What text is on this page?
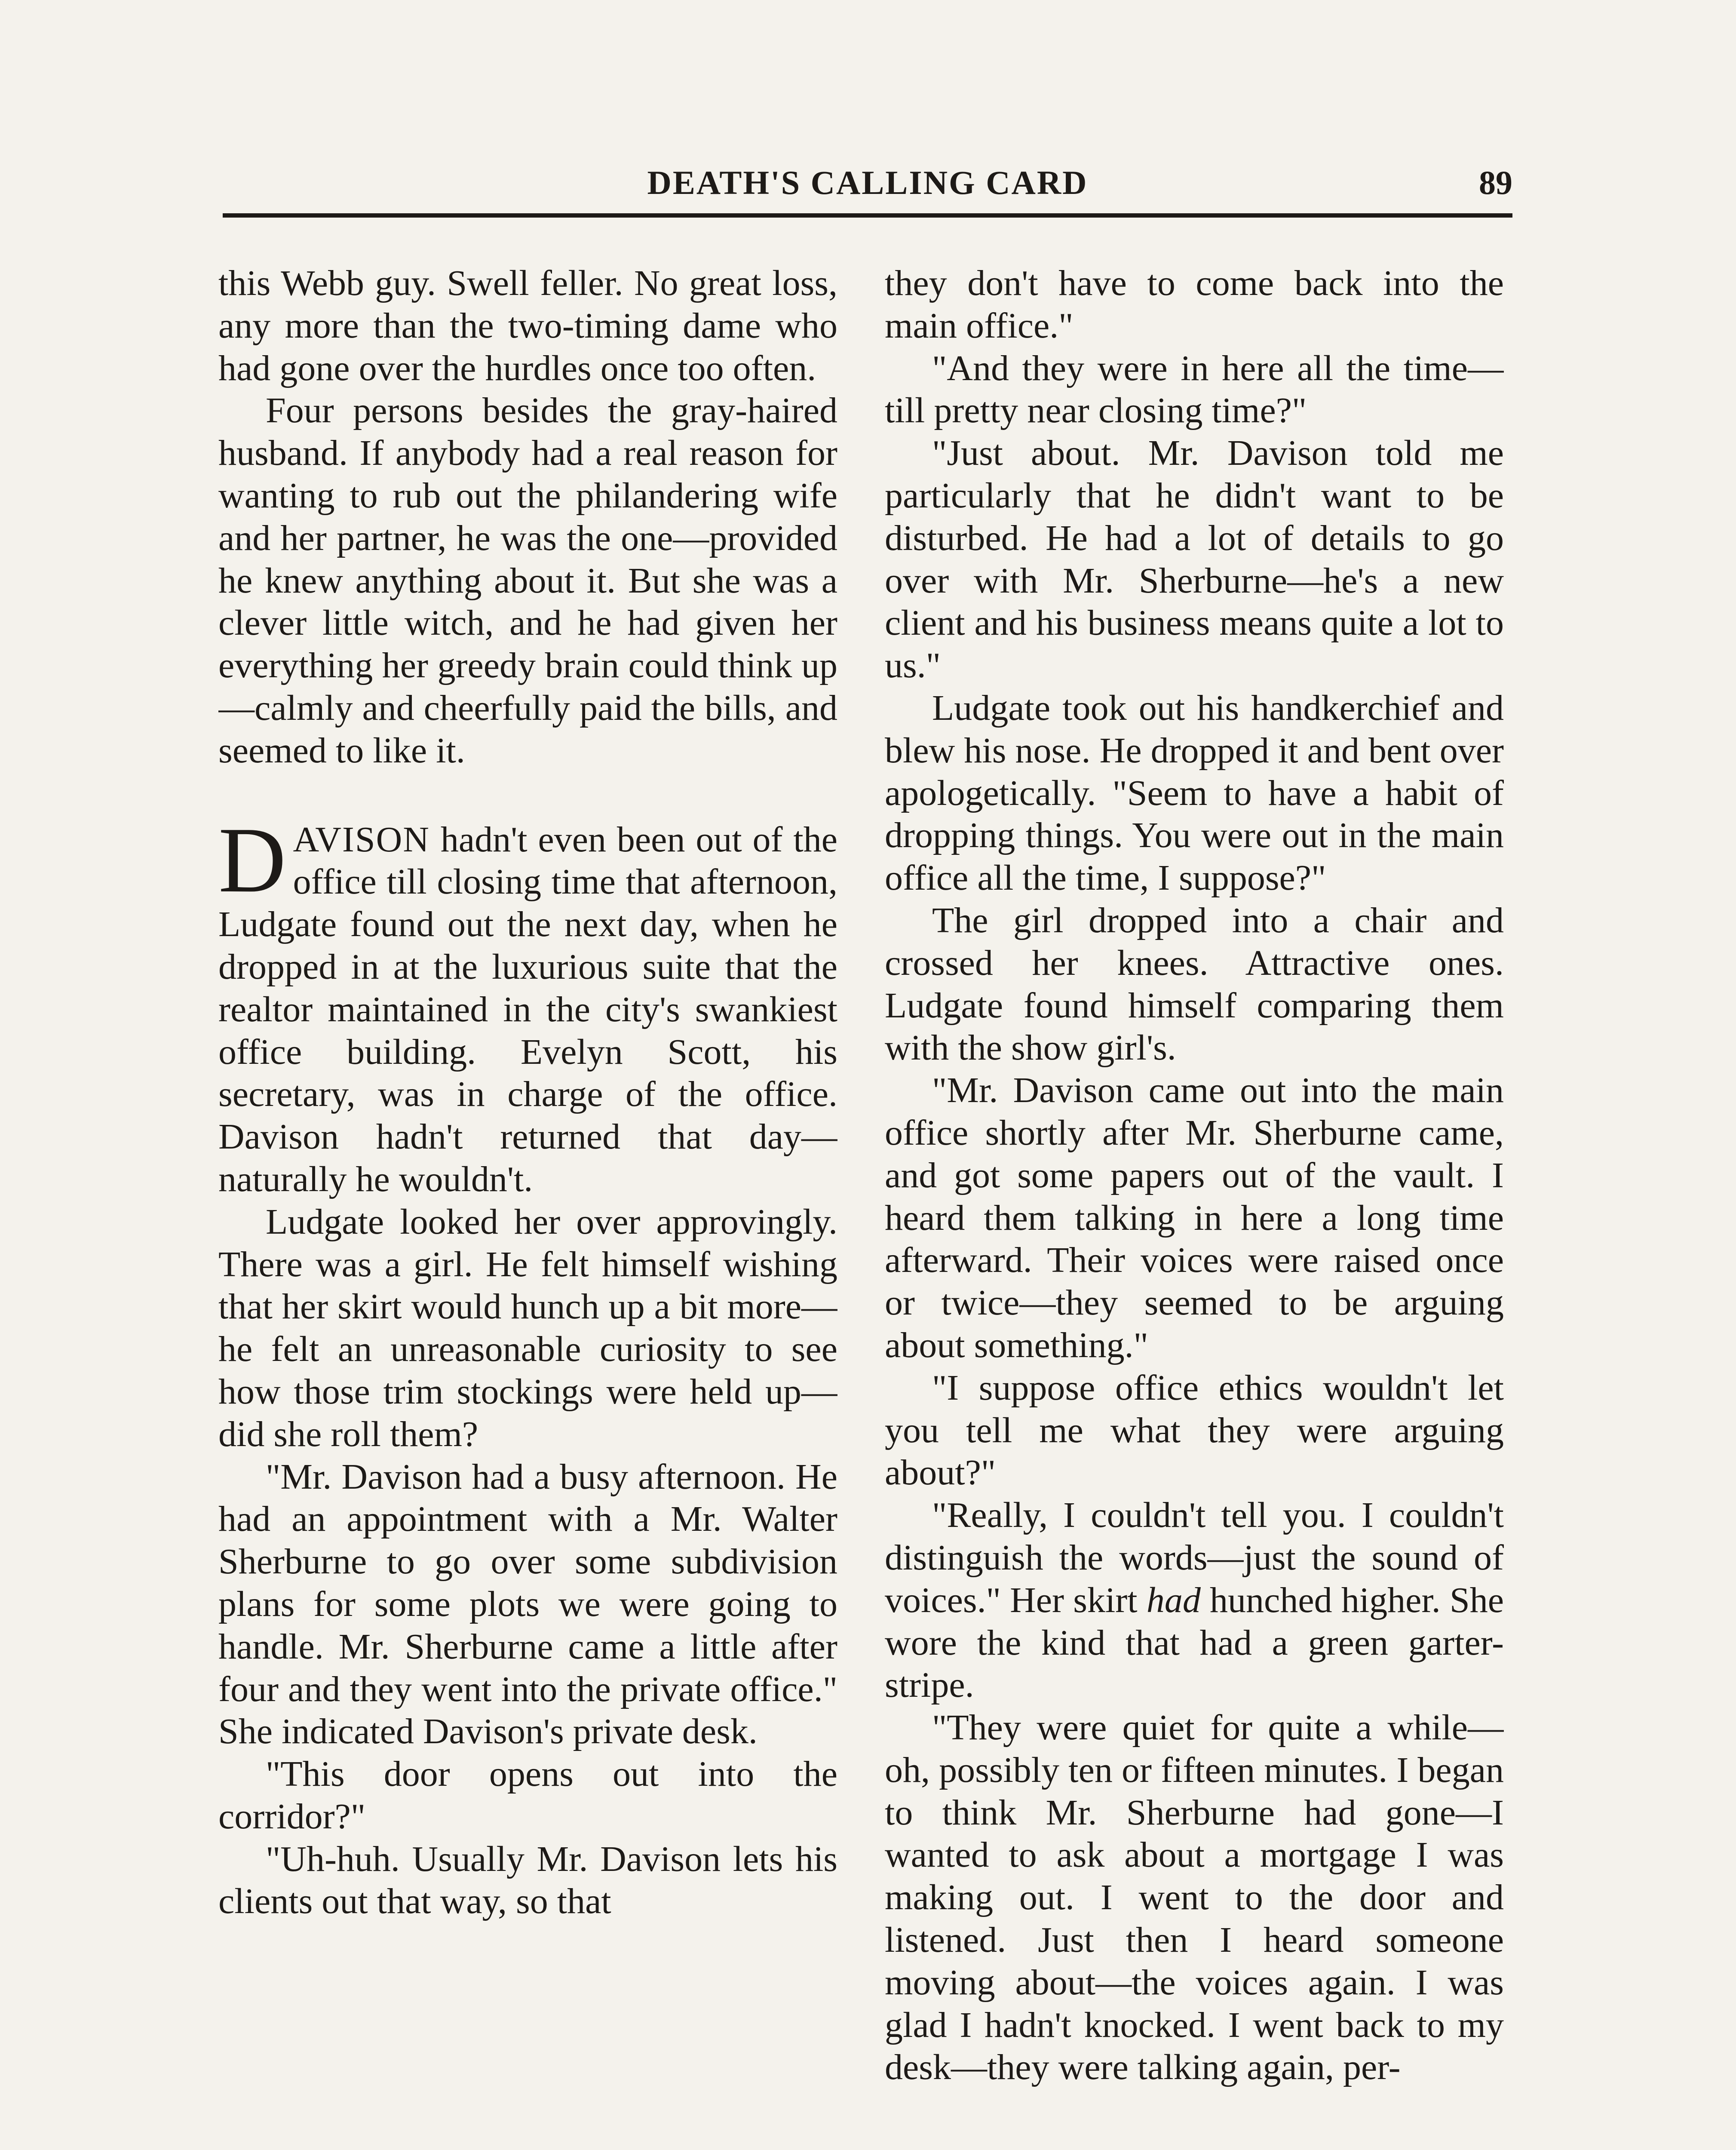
DEATH'S CALLING CARD	89

this Webb guy. Swell feller. No great loss, any more than the two-timing dame who had gone over the hurdles once too often.

Four persons besides the gray-haired husband. If anybody had a real reason for wanting to rub out the philandering wife and her partner, he was the one—provided he knew anything about it. But she was a clever little witch, and he had given her everything her greedy brain could think up—calmly and cheerfully paid the bills, and seemed to like it.

DAVISON hadn't even been out of the office till closing time that afternoon, Ludgate found out the next day, when he dropped in at the luxurious suite that the realtor maintained in the city's swankiest office building. Evelyn Scott, his secretary, was in charge of the office. Davison hadn't returned that day—naturally he wouldn't.

Ludgate looked her over approvingly. There was a girl. He felt himself wishing that her skirt would hunch up a bit more—he felt an unreasonable curiosity to see how those trim stockings were held up—did she roll them?

"Mr. Davison had a busy afternoon. He had an appointment with a Mr. Walter Sherburne to go over some subdivision plans for some plots we were going to handle. Mr. Sherburne came a little after four and they went into the private office." She indicated Davison's private desk.

"This door opens out into the corridor?"

"Uh-huh. Usually Mr. Davison lets his clients out that way, so that

they don't have to come back into the main office."

"And they were in here all the time—till pretty near closing time?"

"Just about. Mr. Davison told me particularly that he didn't want to be disturbed. He had a lot of details to go over with Mr. Sherburne—he's a new client and his business means quite a lot to us."

Ludgate took out his handkerchief and blew his nose. He dropped it and bent over apologetically. "Seem to have a habit of dropping things. You were out in the main office all the time, I suppose?"

The girl dropped into a chair and crossed her knees. Attractive ones. Ludgate found himself comparing them with the show girl's.

"Mr. Davison came out into the main office shortly after Mr. Sherburne came, and got some papers out of the vault. I heard them talking in here a long time afterward. Their voices were raised once or twice—they seemed to be arguing about something."

"I suppose office ethics wouldn't let you tell me what they were arguing about?"

"Really, I couldn't tell you. I couldn't distinguish the words—just the sound of voices." Her skirt had hunched higher. She wore the kind that had a green garter-stripe.

"They were quiet for quite a while—oh, possibly ten or fifteen minutes. I began to think Mr. Sherburne had gone—I wanted to ask about a mortgage I was making out. I went to the door and listened. Just then I heard someone moving about—the voices again. I was glad I hadn't knocked. I went back to my desk—they were talking again, per-
